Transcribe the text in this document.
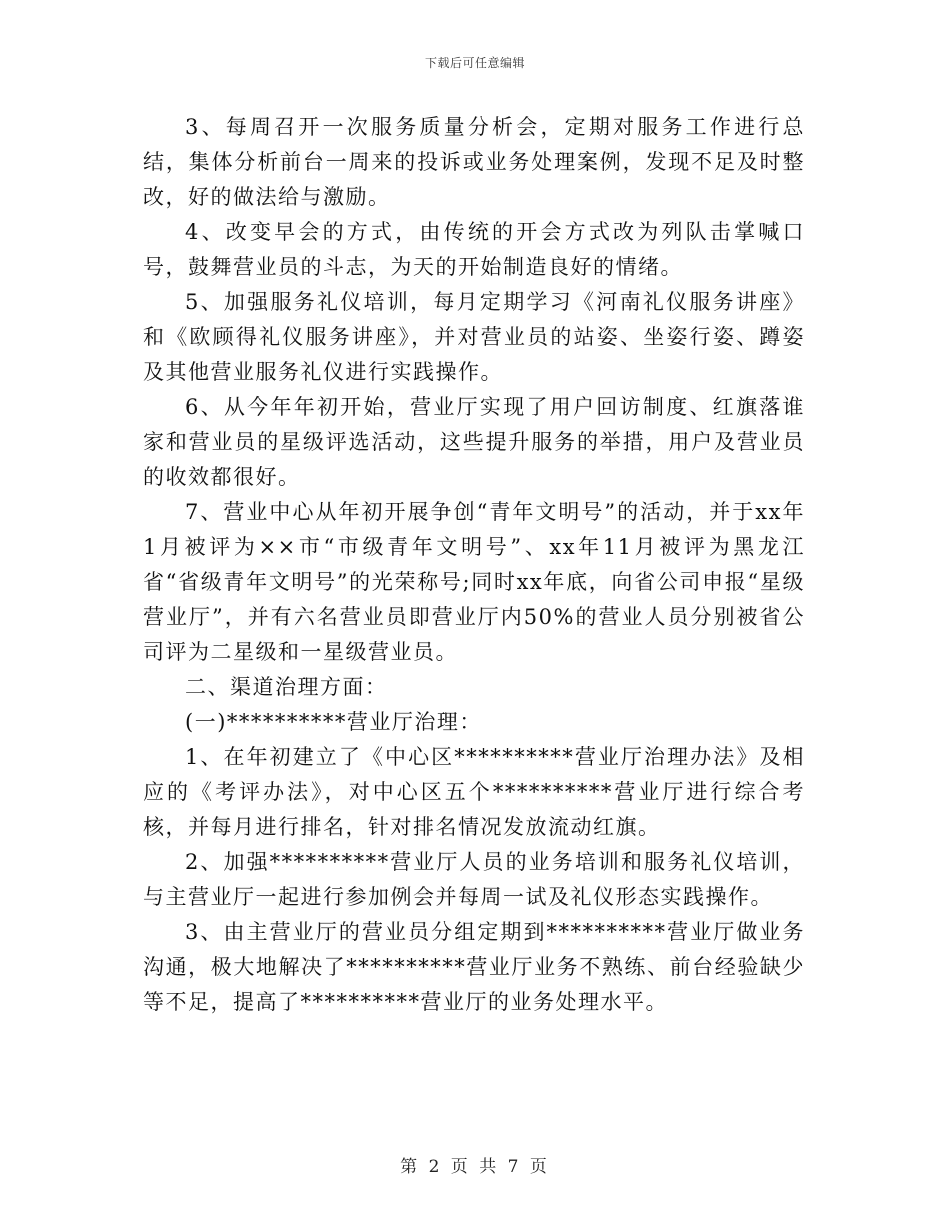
下载后可任意编辑

3、每周召开一次服务质量分析会，定期对服务工作进行总结，集体分析前台一周来的投诉或业务处理案例，发现不足及时整改，好的做法给与激励。

4、改变早会的方式，由传统的开会方式改为列队击掌喊口号，鼓舞营业员的斗志，为天的开始制造良好的情绪。

5、加强服务礼仪培训，每月定期学习《河南礼仪服务讲座》和《欧顾得礼仪服务讲座》，并对营业员的站姿、坐姿行姿、蹲姿及其他营业服务礼仪进行实践操作。

6、从今年年初开始，营业厅实现了用户回访制度、红旗落谁家和营业员的星级评选活动，这些提升服务的举措，用户及营业员的收效都很好。

7、营业中心从年初开展争创“青年文明号”的活动，并于xx年1月被评为××市“市级青年文明号”、xx年11月被评为黑龙江省“省级青年文明号”的光荣称号;同时xx年底，向省公司申报“星级营业厅”，并有六名营业员即营业厅内50%的营业人员分别被省公司评为二星级和一星级营业员。

二、渠道治理方面：

(一)**********营业厅治理：

1、在年初建立了《中心区**********营业厅治理办法》及相应的《考评办法》，对中心区五个**********营业厅进行综合考核，并每月进行排名，针对排名情况发放流动红旗。

2、加强**********营业厅人员的业务培训和服务礼仪培训，与主营业厅一起进行参加例会并每周一试及礼仪形态实践操作。

3、由主营业厅的营业员分组定期到**********营业厅做业务沟通，极大地解决了**********营业厅业务不熟练、前台经验缺少等不足，提高了**********营业厅的业务处理水平。

第 2 页 共 7 页
